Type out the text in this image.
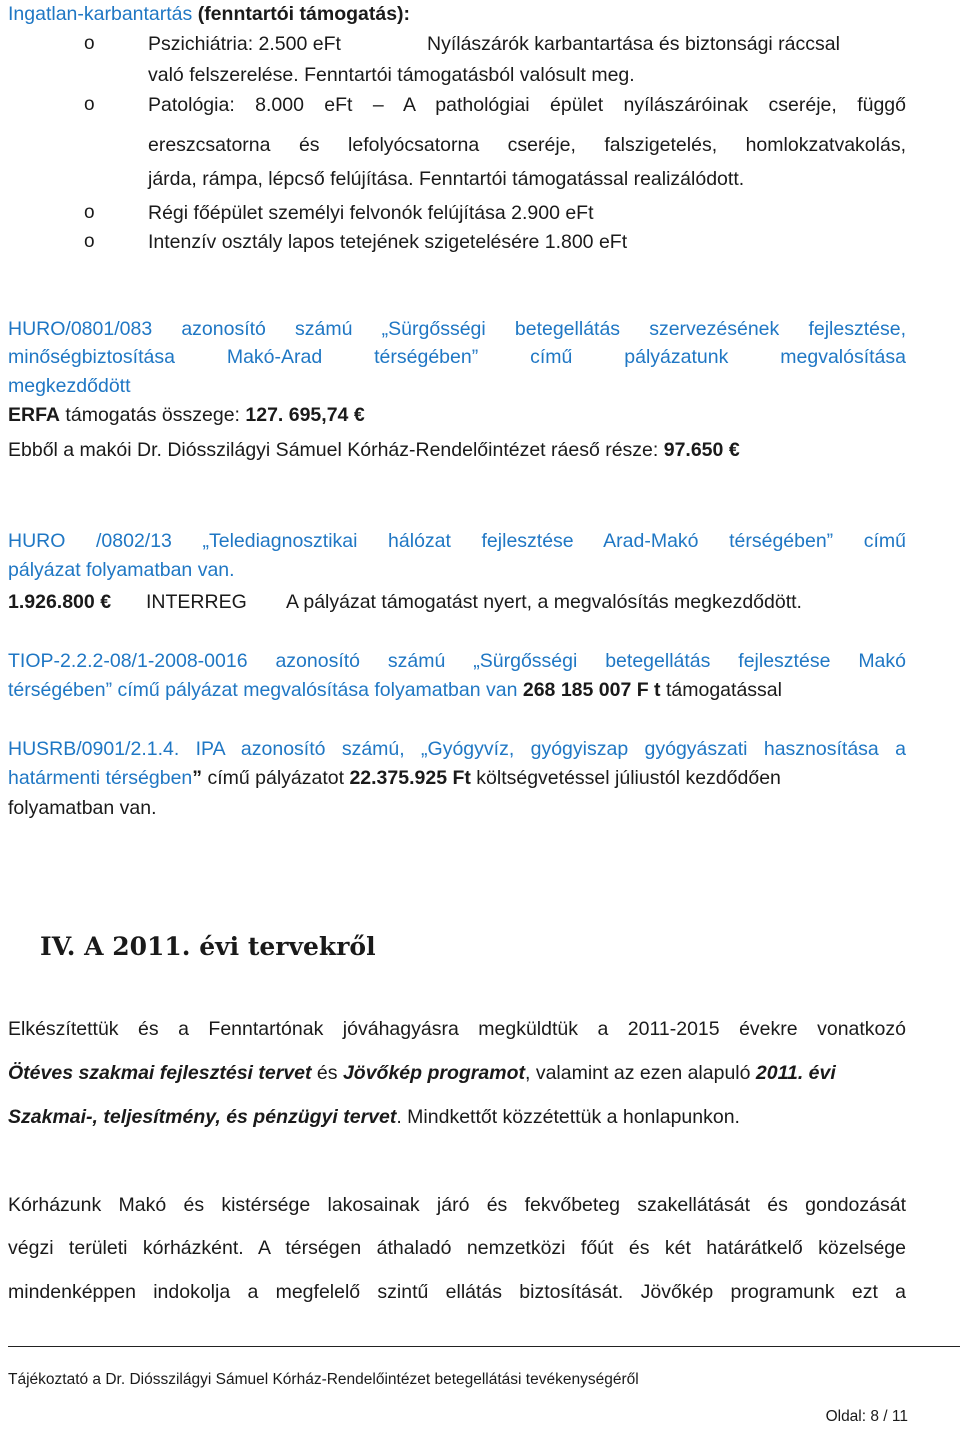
Ingatlan-karbantartás (fenntartói támogatás):
o	Pszichiátria: 2.500 eFt	Nyílászárók karbantartása és biztonsági ráccsal
való felszerelése. Fenntartói támogatásból valósult meg.
o	Patológia: 8.000 eFt – A pathológiai épület nyílászáróinak cseréje, függő
ereszcsatorna és lefolyócsatorna cseréje, falszigetelés, homlokzatvakolás,
járda, rámpa, lépcső felújítása. Fenntartói támogatással realizálódott.
o	Régi főépület személyi felvonók felújítása 2.900 eFt
o	Intenzív osztály lapos tetejének szigetelésére 1.800 eFt
HURO/0801/083 azonosító számú „Sürgősségi betegellátás szervezésének fejlesztése,
minőségbiztosítása Makó-Arad térségében” című pályázatunk megvalósítása
megkezdődött
ERFA támogatás összege: 127. 695,74 €
Ebből a makói Dr. Diósszilágyi Sámuel Kórház-Rendelőintézet ráeső része: 97.650 €
HURO /0802/13 „Telediagnosztikai hálózat fejlesztése Arad-Makó térségében” című
pályázat folyamatban van.
1.926.800 € INTERREG A pályázat támogatást nyert, a megvalósítás megkezdődött.
TIOP-2.2.2-08/1-2008-0016 azonosító számú „Sürgősségi betegellátás fejlesztése Makó
térségében” című pályázat megvalósítása folyamatban van 268 185 007 F t támogatással
HUSRB/0901/2.1.4. IPA azonosító számú, „Gyógyvíz, gyógyiszap gyógyászati hasznosítása a
határmenti térségben” című pályázatot 22.375.925 Ft költségvetéssel júliustól kezdődően
folyamatban van.
IV. A 2011. évi tervekről
Elkészítettük és a Fenntartónak jóváhagyásra megküldtük a 2011-2015 évekre vonatkozó
Ötéves szakmai fejlesztési tervet és Jövőkép programot, valamint az ezen alapuló 2011. évi
Szakmai-, teljesítmény, és pénzügyi tervet. Mindkettőt közzétettük a honlapunkon.
Kórházunk Makó és kistérsége lakosainak járó és fekvőbeteg szakellátását és gondozását
végzi területi kórházként. A térségen áthaladó nemzetközi főút és két határátkelő közelsége
mindenképpen indokolja a megfelelő szintű ellátás biztosítását. Jövőkép programunk ezt a
Tájékoztató a Dr. Diósszilágyi Sámuel Kórház-Rendelőintézet betegellátási tevékenységéről
Oldal: 8 / 11
